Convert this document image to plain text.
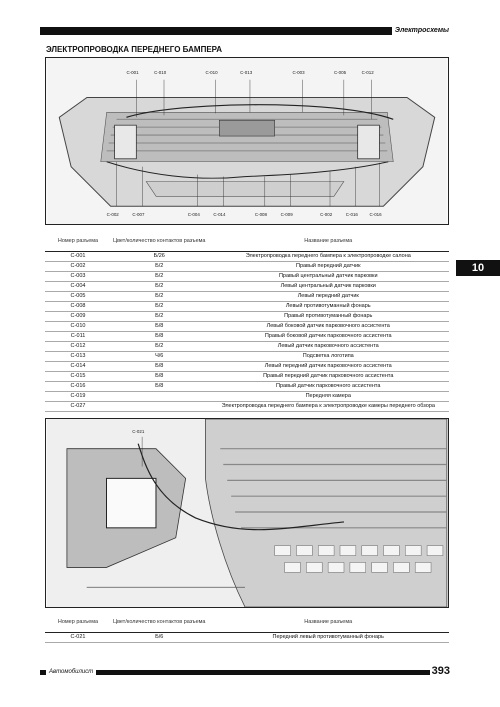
Электросхемы
ЭЛЕКТРОПРОВОДКА ПЕРЕДНЕГО БАМПЕРА
C-001	C-010	C-010	C-013	C-003	C-005	C-012
C-002	C-007	C-004	C-014	C-008	C-009	C-002	C-016	C-016
Номер разъема	Цвет/количество контактов разъема	Название разъема
C-001	Б/26	Электропроводка переднего бампера к электропроводке салона
C-002	Б/2	Правый передний датчик
C-003	Б/2	Правый центральный датчик парковки
C-004	Б/2	Левый центральный датчик парковки
C-005	Б/2	Левый передний датчик
C-008	Б/2	Левый противотуманный фонарь
C-009	Б/2	Правый противотуманный фонарь
C-010	Б/8	Левый боковой датчик парковочного ассистента
C-011	Б/8	Правый боковой датчик парковочного ассистента
C-012	Б/2	Левый датчик парковочного ассистента
C-013	Ч/6	Подсветка логотипа
C-014	Б/8	Левый передний датчик парковочного ассистента
C-015	Б/8	Правый передний датчик парковочного ассистента
C-016	Б/8	Правый датчик парковочного ассистента
C-019		Передняя камера
C-027		Электропроводка переднего бампера к электропроводке камеры переднего обзора
10
C-021
Номер разъема	Цвет/количество контактов разъема	Название разъема
C-021	Б/6	Передний левый противотуманный фонарь
Автомобилист	393
